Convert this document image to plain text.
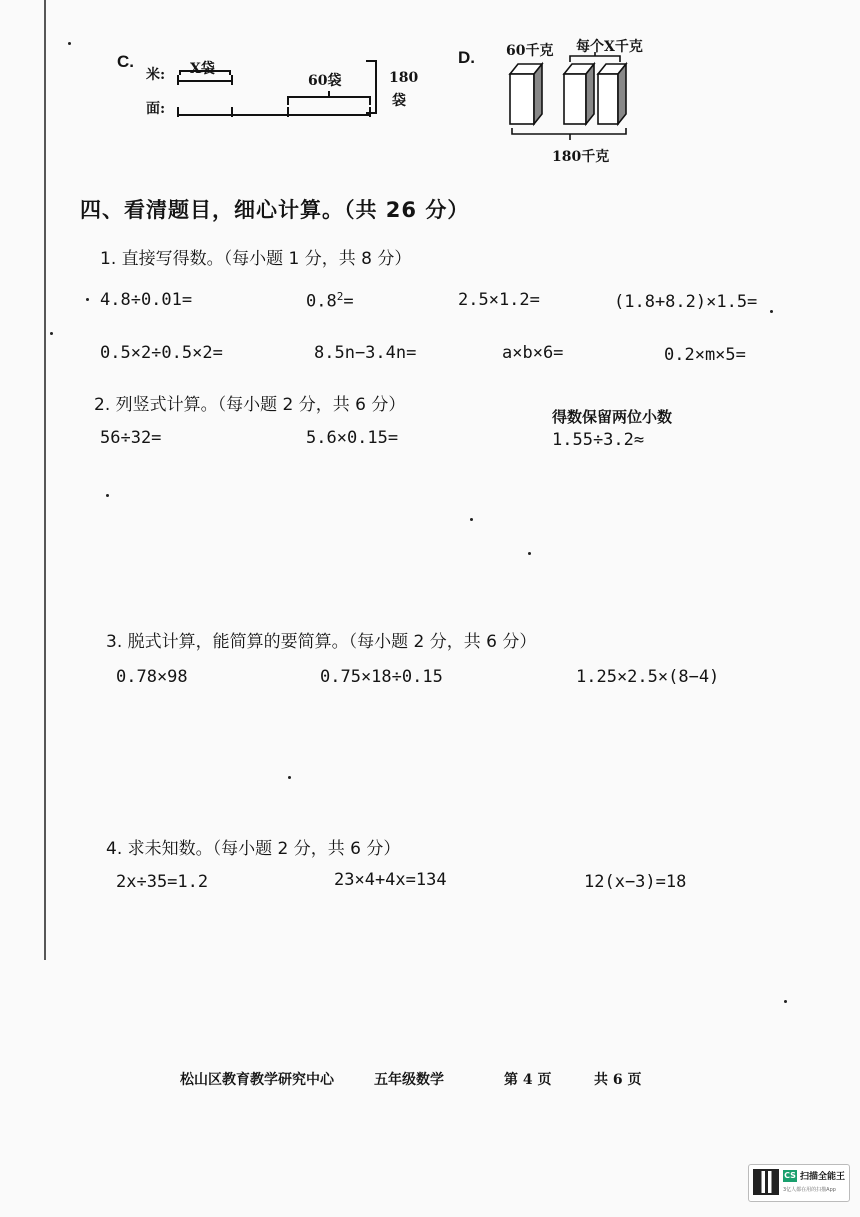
C.
米:
面:
X袋
60袋	180
袋
D. 60千克 每个X千克
180千克
四、看清题目，细心计算。（共 26 分）
1. 直接写得数。（每小题 1 分，共 8 分）
4.8÷0.01=	$0.8^2=$	2.5×1.2=	(1.8+8.2)×1.5=
0.5×2÷0.5×2=	8.5n−3.4n=	a×b×6=	0.2×m×5=
2. 列竖式计算。（每小题 2 分，共 6 分）
得数保留两位小数
56÷32=	5.6×0.15=	1.55÷3.2≈
3. 脱式计算，能简算的要简算。（每小题 2 分，共 6 分）
0.78×98	0.75×18÷0.15	1.25×2.5×(8−4)
4. 求未知数。（每小题 2 分，共 6 分）
2x÷35=1.2	23×4+4x=134	12(x−3)=18
松山区教育教学研究中心	五年级数学	第 4 页	共 6 页
CS 扫描全能王
3亿人都在用的扫描App
